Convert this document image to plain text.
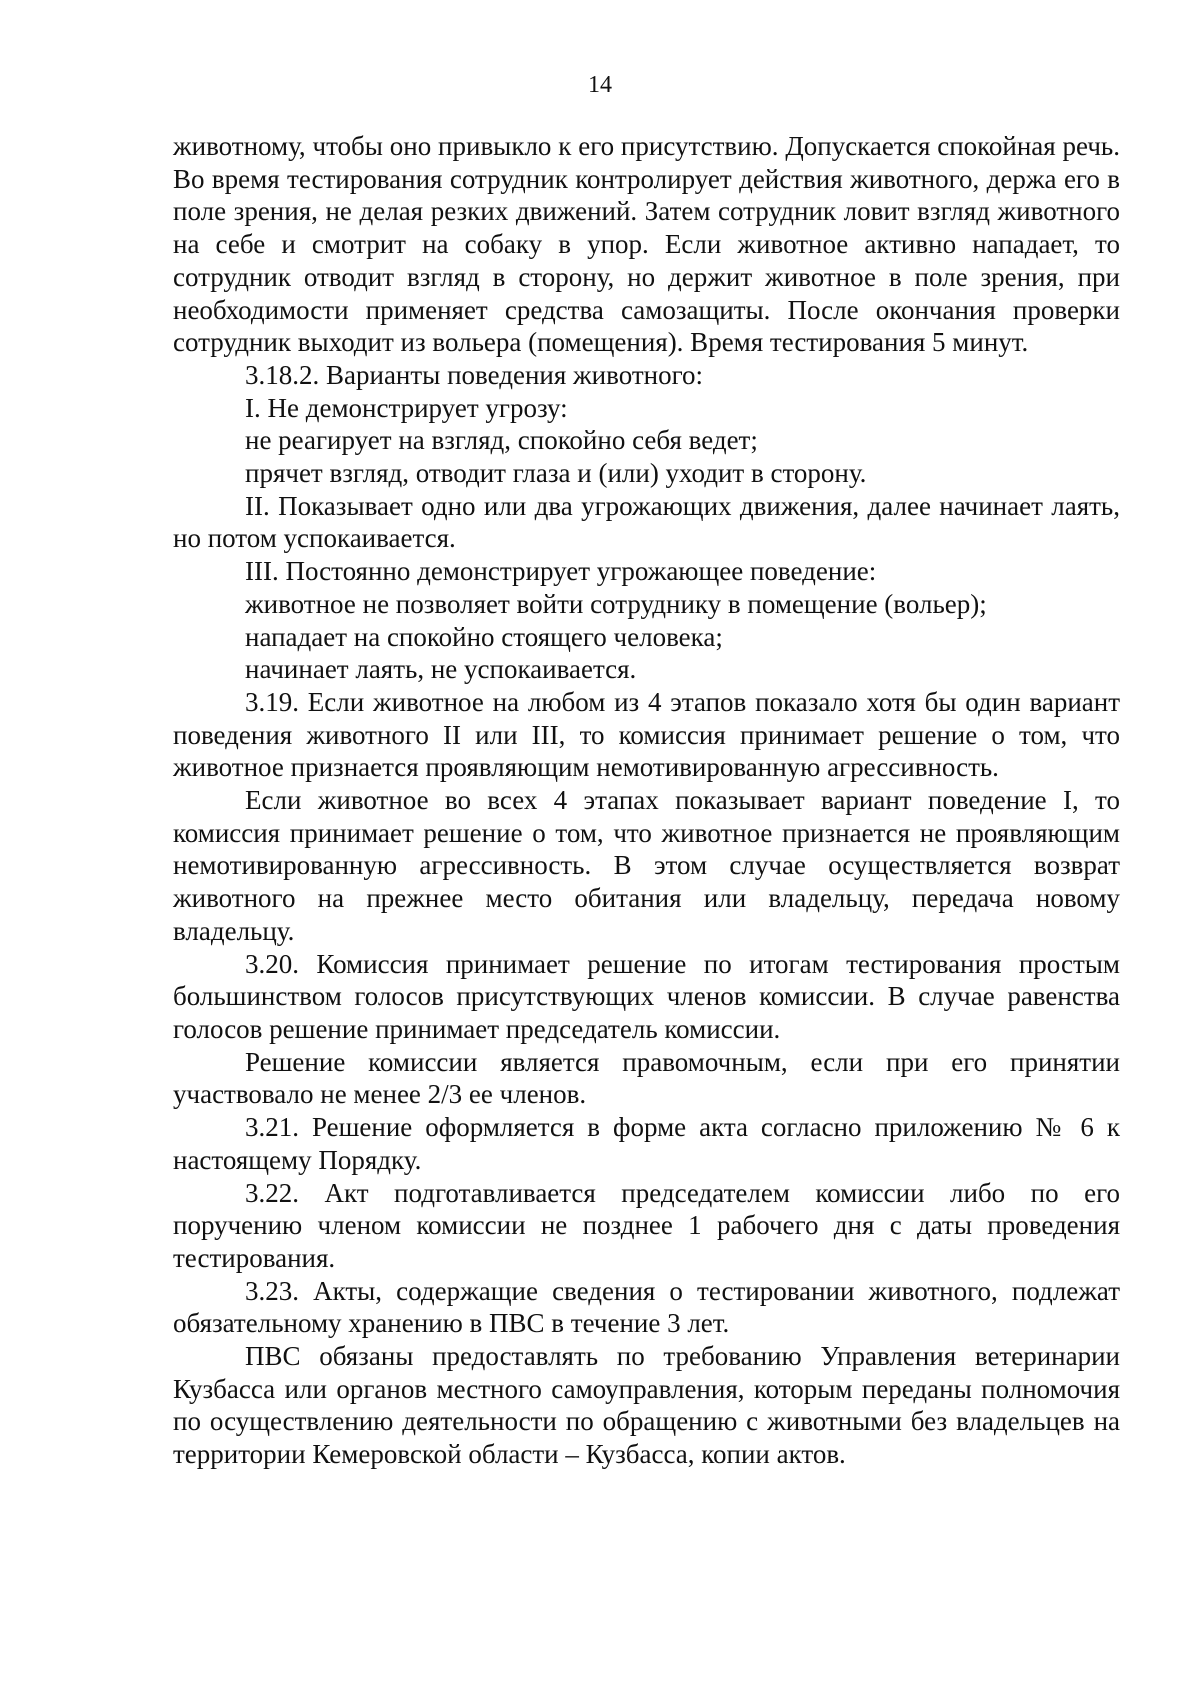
14

животному, чтобы оно привыкло к его присутствию. Допускается спокойная речь. Во время тестирования сотрудник контролирует действия животного, держа его в поле зрения, не делая резких движений. Затем сотрудник ловит взгляд животного на себе и смотрит на собаку в упор. Если животное активно нападает, то сотрудник отводит взгляд в сторону, но держит животное в поле зрения, при необходимости применяет средства самозащиты. После окончания проверки сотрудник выходит из вольера (помещения). Время тестирования 5 минут.

3.18.2. Варианты поведения животного:

I. Не демонстрирует угрозу:

не реагирует на взгляд, спокойно себя ведет;

прячет взгляд, отводит глаза и (или) уходит в сторону.

II. Показывает одно или два угрожающих движения, далее начинает лаять, но потом успокаивается.

III. Постоянно демонстрирует угрожающее поведение:

животное не позволяет войти сотруднику в помещение (вольер);

нападает на спокойно стоящего человека;

начинает лаять, не успокаивается.

3.19. Если животное на любом из 4 этапов показало хотя бы один вариант поведения животного II или III, то комиссия принимает решение о том, что животное признается проявляющим немотивированную агрессивность.

Если животное во всех 4 этапах показывает вариант поведение I, то комиссия принимает решение о том, что животное признается не проявляющим немотивированную агрессивность. В этом случае осуществляется возврат животного на прежнее место обитания или владельцу, передача новому владельцу.

3.20. Комиссия принимает решение по итогам тестирования простым большинством голосов присутствующих членов комиссии. В случае равенства голосов решение принимает председатель комиссии.

Решение комиссии является правомочным, если при его принятии участвовало не менее 2/3 ее членов.

3.21. Решение оформляется в форме акта согласно приложению № 6 к настоящему Порядку.

3.22. Акт подготавливается председателем комиссии либо по его поручению членом комиссии не позднее 1 рабочего дня с даты проведения тестирования.

3.23. Акты, содержащие сведения о тестировании животного, подлежат обязательному хранению в ПВС в течение 3 лет.

ПВС обязаны предоставлять по требованию Управления ветеринарии Кузбасса или органов местного самоуправления, которым переданы полномочия по осуществлению деятельности по обращению с животными без владельцев на территории Кемеровской области – Кузбасса, копии актов.
